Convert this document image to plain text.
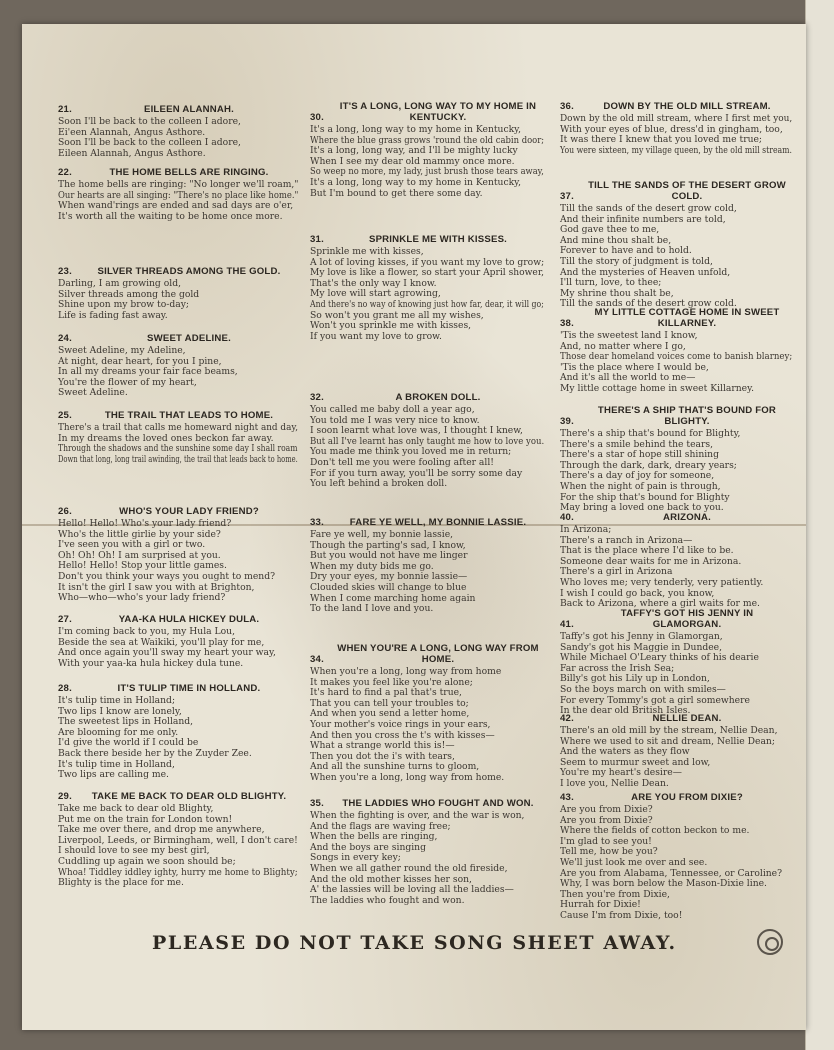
21.	EILEEN ALANNAH.
Soon I'll be back to the colleen I adore,
Ei'een Alannah, Angus Asthore.
Soon I'll be back to the colleen I adore,
Eileen Alannah, Angus Asthore.
22.	THE HOME BELLS ARE RINGING.
The home bells are ringing: "No longer we'll roam,"
Our hearts are all singing: "There's no place like home."
When wand'rings are ended and sad days are o'er,
It's worth all the waiting to be home once more.
23.	SILVER THREADS AMONG THE GOLD.
Darling, I am growing old,
Silver threads among the gold
Shine upon my brow to-day;
Life is fading fast away.
24.	SWEET ADELINE.
Sweet Adeline, my Adeline,
At night, dear heart, for you I pine,
In all my dreams your fair face beams,
You're the flower of my heart,
Sweet Adeline.
25.	THE TRAIL THAT LEADS TO HOME.
There's a trail that calls me homeward night and day,
In my dreams the loved ones beckon far away.
Through the shadows and the sunshine some day I shall roam
Down that long, long trail awinding, the trail that leads back to home.
26.	WHO'S YOUR LADY FRIEND?
Hello! Hello! Who's your lady friend?
Who's the little girlie by your side?
I've seen you with a girl or two.
Oh! Oh! Oh! I am surprised at you.
Hello! Hello! Stop your little games.
Don't you think your ways you ought to mend?
It isn't the girl I saw you with at Brighton,
Who—who—who's your lady friend?
27.	YAA-KA HULA HICKEY DULA.
I'm coming back to you, my Hula Lou,
Beside the sea at Waikiki, you'll play for me,
And once again you'll sway my heart your way,
With your yaa-ka hula hickey dula tune.
28.	IT'S TULIP TIME IN HOLLAND.
It's tulip time in Holland;
Two lips I know are lonely,
The sweetest lips in Holland,
Are blooming for me only.
I'd give the world if I could be
Back there beside her by the Zuyder Zee.
It's tulip time in Holland,
Two lips are calling me.
29. TAKE ME BACK TO DEAR OLD BLIGHTY.
Take me back to dear old Blighty,
Put me on the train for London town!
Take me over there, and drop me anywhere,
Liverpool, Leeds, or Birmingham, well, I don't care!
I should love to see my best girl,
Cuddling up again we soon should be;
Whoa! Tiddley iddley ighty, hurry me home to Blighty;
Blighty is the place for me.
30.IT'S A LONG, LONG WAY TO MY HOME IN KENTUCKY.
It's a long, long way to my home in Kentucky,
Where the blue grass grows 'round the old cabin door;
It's a long, long way, and I'll be mighty lucky
When I see my dear old mammy once more.
So weep no more, my lady, just brush those tears away,
It's a long, long way to my home in Kentucky,
But I'm bound to get there some day.
31.	SPRINKLE ME WITH KISSES.
Sprinkle me with kisses,
A lot of loving kisses, if you want my love to grow;
My love is like a flower, so start your April shower,
That's the only way I know.
My love will start agrowing,
And there's no way of knowing just how far, dear, it will go;
So won't you grant me all my wishes,
Won't you sprinkle me with kisses,
If you want my love to grow.
32.	A BROKEN DOLL.
You called me baby doll a year ago,
You told me I was very nice to know.
I soon learnt what love was, I thought I knew,
But all I've learnt has only taught me how to love you.
You made me think you loved me in return;
Don't tell me you were fooling after all!
For if you turn away, you'll be sorry some day
You left behind a broken doll.
33.	FARE YE WELL, MY BONNIE LASSIE.
Fare ye well, my bonnie lassie,
Though the parting's sad, I know,
But you would not have me linger
When my duty bids me go.
Dry your eyes, my bonnie lassie—
Clouded skies will change to blue
When I come marching home again
To the land I love and you.
34.WHEN YOU'RE A LONG, LONG WAY FROM HOME.
When you're a long, long way from home
It makes you feel like you're alone;
It's hard to find a pal that's true,
That you can tell your troubles to;
And when you send a letter home,
Your mother's voice rings in your ears,
And then you cross the t's with kisses—
What a strange world this is!—
Then you dot the i's with tears,
And all the sunshine turns to gloom,
When you're a long, long way from home.
35. THE LADDIES WHO FOUGHT AND WON.
When the fighting is over, and the war is won,
And the flags are waving free;
When the bells are ringing,
And the boys are singing
Songs in every key;
When we all gather round the old fireside,
And the old mother kisses her son,
A' the lassies will be loving all the laddies—
The laddies who fought and won.
36.	DOWN BY THE OLD MILL STREAM.
Down by the old mill stream, where I first met you,
With your eyes of blue, dress'd in gingham, too,
It was there I knew that you loved me true;
You were sixteen, my village queen, by the old mill stream.
37.TILL THE SANDS OF THE DESERT GROW COLD.
Till the sands of the desert grow cold,
And their infinite numbers are told,
God gave thee to me,
And mine thou shalt be,
Forever to have and to hold.
Till the story of judgment is told,
And the mysteries of Heaven unfold,
I'll turn, love, to thee;
My shrine thou shalt be,
Till the sands of the desert grow cold.
38.MY LITTLE COTTAGE HOME IN SWEET KILLARNEY.
'Tis the sweetest land I know,
And, no matter where I go,
Those dear homeland voices come to banish blarney;
'Tis the place where I would be,
And it's all the world to me—
My little cottage home in sweet Killarney.
39.THERE'S A SHIP THAT'S BOUND FOR BLIGHTY.
There's a ship that's bound for Blighty,
There's a smile behind the tears,
There's a star of hope still shining
Through the dark, dark, dreary years;
There's a day of joy for someone,
When the night of pain is through,
For the ship that's bound for Blighty
May bring a loved one back to you.
40.	ARIZONA.
In Arizona;
There's a ranch in Arizona—
That is the place where I'd like to be.
Someone dear waits for me in Arizona.
There's a girl in Arizona
Who loves me; very tenderly, very patiently.
I wish I could go back, you know,
Back to Arizona, where a girl waits for me.
41.TAFFY'S GOT HIS JENNY IN GLAMORGAN.
Taffy's got his Jenny in Glamorgan,
Sandy's got his Maggie in Dundee,
While Michael O'Leary thinks of his dearie
Far across the Irish Sea;
Billy's got his Lily up in London,
So the boys march on with smiles—
For every Tommy's got a girl somewhere
In the dear old British Isles.
42.	NELLIE DEAN.
There's an old mill by the stream, Nellie Dean,
Where we used to sit and dream, Nellie Dean;
And the waters as they flow
Seem to murmur sweet and low,
You're my heart's desire—
I love you, Nellie Dean.
43.	ARE YOU FROM DIXIE?
Are you from Dixie?
Are you from Dixie?
Where the fields of cotton beckon to me.
I'm glad to see you!
Tell me, how be you?
We'll just look me over and see.
Are you from Alabama, Tennessee, or Caroline?
Why, I was born below the Mason-Dixie line.
Then you're from Dixie,
Hurrah for Dixie!
Cause I'm from Dixie, too!
PLEASE DO NOT TAKE SONG SHEET AWAY.
